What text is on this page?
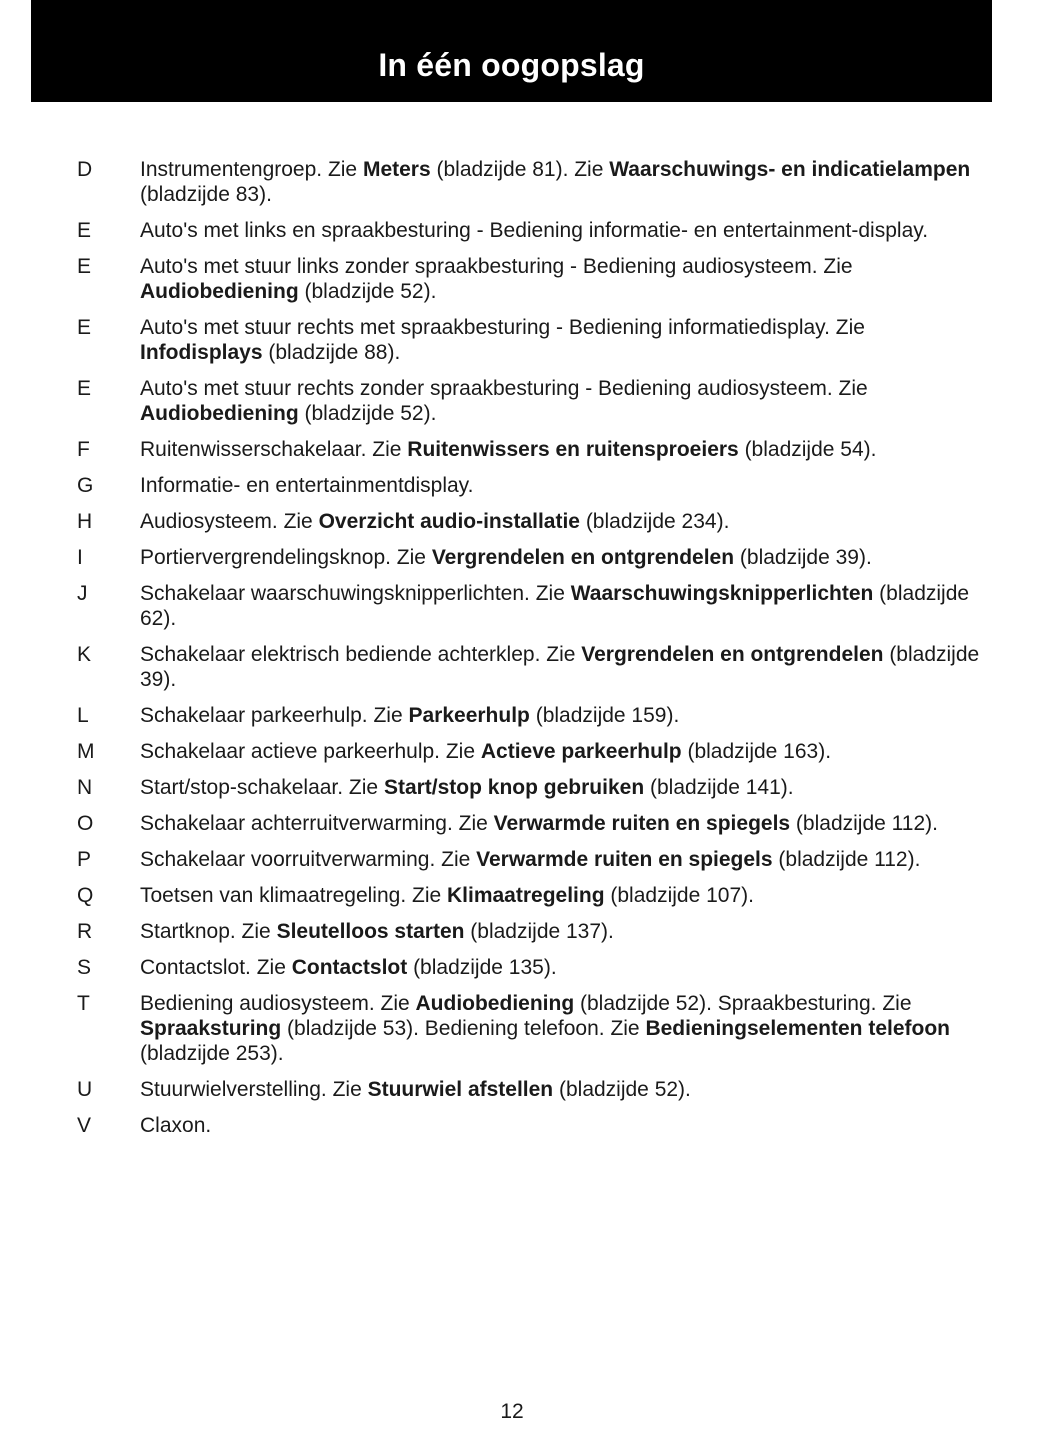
In één oogopslag
D	Instrumentengroep. Zie Meters (bladzijde 81). Zie Waarschuwings- en indicatielampen (bladzijde 83).
E	Auto's met links en spraakbesturing - Bediening informatie- en entertainment-display.
E	Auto's met stuur links zonder spraakbesturing - Bediening audiosysteem. Zie Audiobediening (bladzijde 52).
E	Auto's met stuur rechts met spraakbesturing - Bediening informatiedisplay. Zie Infodisplays (bladzijde 88).
E	Auto's met stuur rechts zonder spraakbesturing - Bediening audiosysteem. Zie Audiobediening (bladzijde 52).
F	Ruitenwisserschakelaar. Zie Ruitenwissers en ruitensproeiers (bladzijde 54).
G	Informatie- en entertainmentdisplay.
H	Audiosysteem. Zie Overzicht audio-installatie (bladzijde 234).
I	Portiervergrendelingsknop. Zie Vergrendelen en ontgrendelen (bladzijde 39).
J	Schakelaar waarschuwingsknipperlichten. Zie Waarschuwingsknipperlichten (bladzijde 62).
K	Schakelaar elektrisch bediende achterklep. Zie Vergrendelen en ontgrendelen (bladzijde 39).
L	Schakelaar parkeerhulp. Zie Parkeerhulp (bladzijde 159).
M	Schakelaar actieve parkeerhulp. Zie Actieve parkeerhulp (bladzijde 163).
N	Start/stop-schakelaar. Zie Start/stop knop gebruiken (bladzijde 141).
O	Schakelaar achterruitverwarming. Zie Verwarmde ruiten en spiegels (bladzijde 112).
P	Schakelaar voorruitverwarming. Zie Verwarmde ruiten en spiegels (bladzijde 112).
Q	Toetsen van klimaatregeling. Zie Klimaatregeling (bladzijde 107).
R	Startknop. Zie Sleutelloos starten (bladzijde 137).
S	Contactslot. Zie Contactslot (bladzijde 135).
T	Bediening audiosysteem. Zie Audiobediening (bladzijde 52). Spraakbesturing. Zie Spraaksturing (bladzijde 53). Bediening telefoon. Zie Bedieningselementen telefoon (bladzijde 253).
U	Stuurwielverstelling. Zie Stuurwiel afstellen (bladzijde 52).
V	Claxon.
12
